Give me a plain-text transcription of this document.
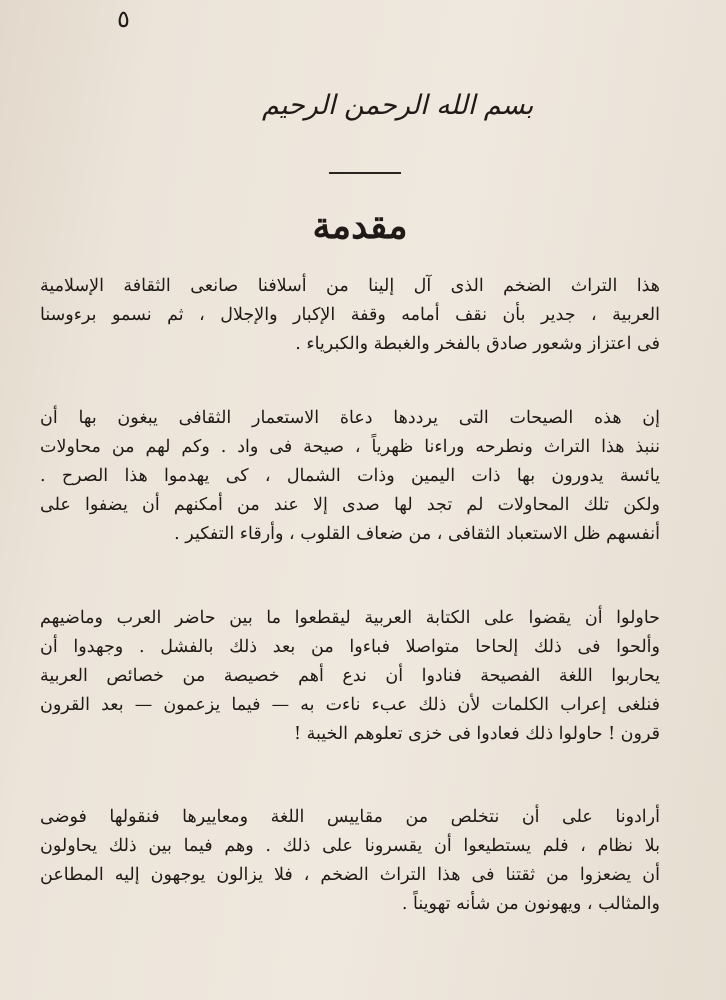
٥
بسم الله الرحمن الرحيم
مقدمة
هذا التراث الضخم الذى آل إلينا من أسلافنا صانعى الثقافة الإسلامية
العربية ، جدير بأن نقف أمامه وقفة الإكبار والإجلال ، ثم نسمو برءوسنا
فى اعتزاز وشعور صادق بالفخر والغبطة والكبرياء .
إن هذه الصيحات التى يرددها دعاة الاستعمار الثقافى يبغون بها أن
ننبذ هذا التراث ونطرحه وراءنا ظهرياً ، صيحة فى واد . وكم لهم من محاولات
يائسة يدورون بها ذات اليمين وذات الشمال ، كى يهدموا هذا الصرح .
ولكن تلك المحاولات لم تجد لها صدى إلا عند من أمكنهم أن يضفوا على
أنفسهم ظل الاستعباد الثقافى ، من ضعاف القلوب ، وأرقاء التفكير .
حاولوا أن يقضوا على الكتابة العربية ليقطعوا ما بين حاضر العرب وماضيهم
وألحوا فى ذلك إلحاحا متواصلا فباءوا من بعد ذلك بالفشل . وجهدوا أن
يحاربوا اللغة الفصيحة فنادوا أن ندع أهم خصيصة من خصائص العربية
فنلغى إعراب الكلمات لأن ذلك عبء ناءت به — فيما يزعمون — بعد القرون
قرون ! حاولوا ذلك فعادوا فى خزى تعلوهم الخيبة !
أرادونا على أن نتخلص من مقاييس اللغة ومعاييرها فنقولها فوضى
بلا نظام ، فلم يستطيعوا أن يقسرونا على ذلك . وهم فيما بين ذلك يحاولون
أن يضعزوا من ثقتنا فى هذا التراث الضخم ، فلا يزالون يوجهون إليه المطاعن
والمثالب ، ويهونون من شأنه تهويناً .
